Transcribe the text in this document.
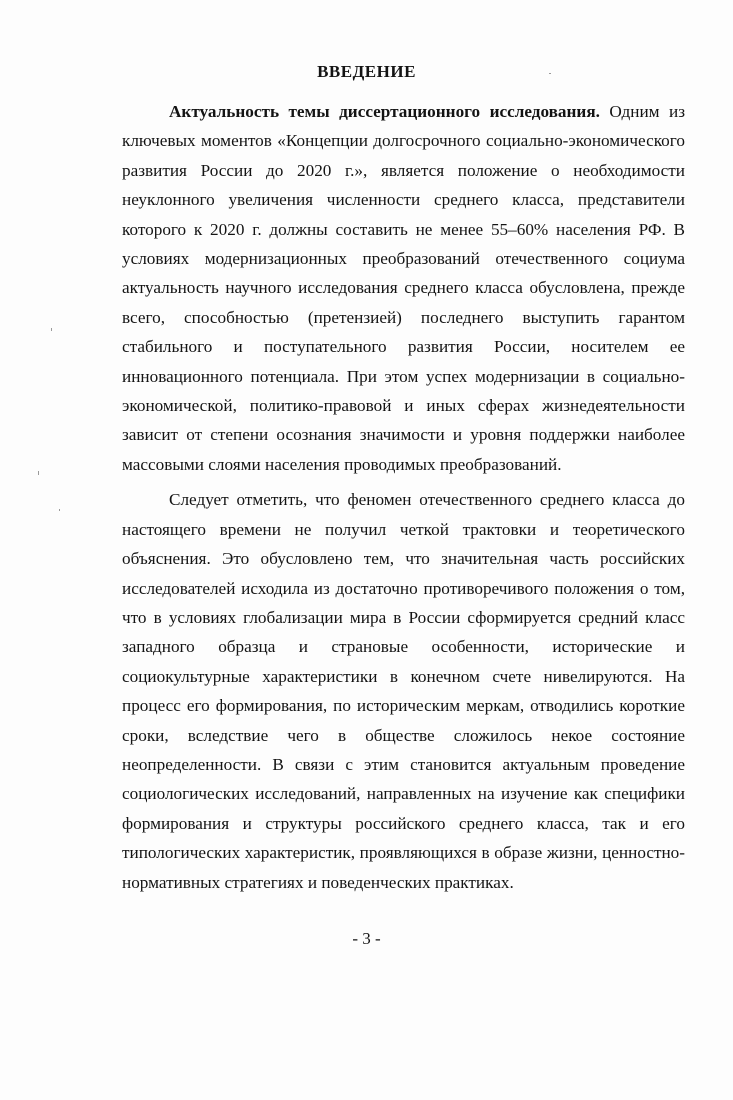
ВВЕДЕНИЕ

Актуальность темы диссертационного исследования. Одним из ключевых моментов «Концепции долгосрочного социально-экономического развития России до 2020 г.», является положение о необходимости неуклонного увеличения численности среднего класса, представители которого к 2020 г. должны составить не менее 55–60% населения РФ. В условиях модернизационных преобразований отечественного социума актуальность научного исследования среднего класса обусловлена, прежде всего, способностью (претензией) последнего выступить гарантом стабильного и поступательного развития России, носителем ее инновационного потенциала. При этом успех модернизации в социально-экономической, политико-правовой и иных сферах жизнедеятельности зависит от степени осознания значимости и уровня поддержки наиболее массовыми слоями населения проводимых преобразований.

Следует отметить, что феномен отечественного среднего класса до настоящего времени не получил четкой трактовки и теоретического объяснения. Это обусловлено тем, что значительная часть российских исследователей исходила из достаточно противоречивого положения о том, что в условиях глобализации мира в России сформируется средний класс западного образца и страновые особенности, исторические и социокультурные характеристики в конечном счете нивелируются. На процесс его формирования, по историческим меркам, отводились короткие сроки, вследствие чего в обществе сложилось некое состояние неопределенности. В связи с этим становится актуальным проведение социологических исследований, направленных на изучение как специфики формирования и структуры российского среднего класса, так и его типологических характеристик, проявляющихся в образе жизни, ценностно-нормативных стратегиях и поведенческих практиках.

- 3 -
